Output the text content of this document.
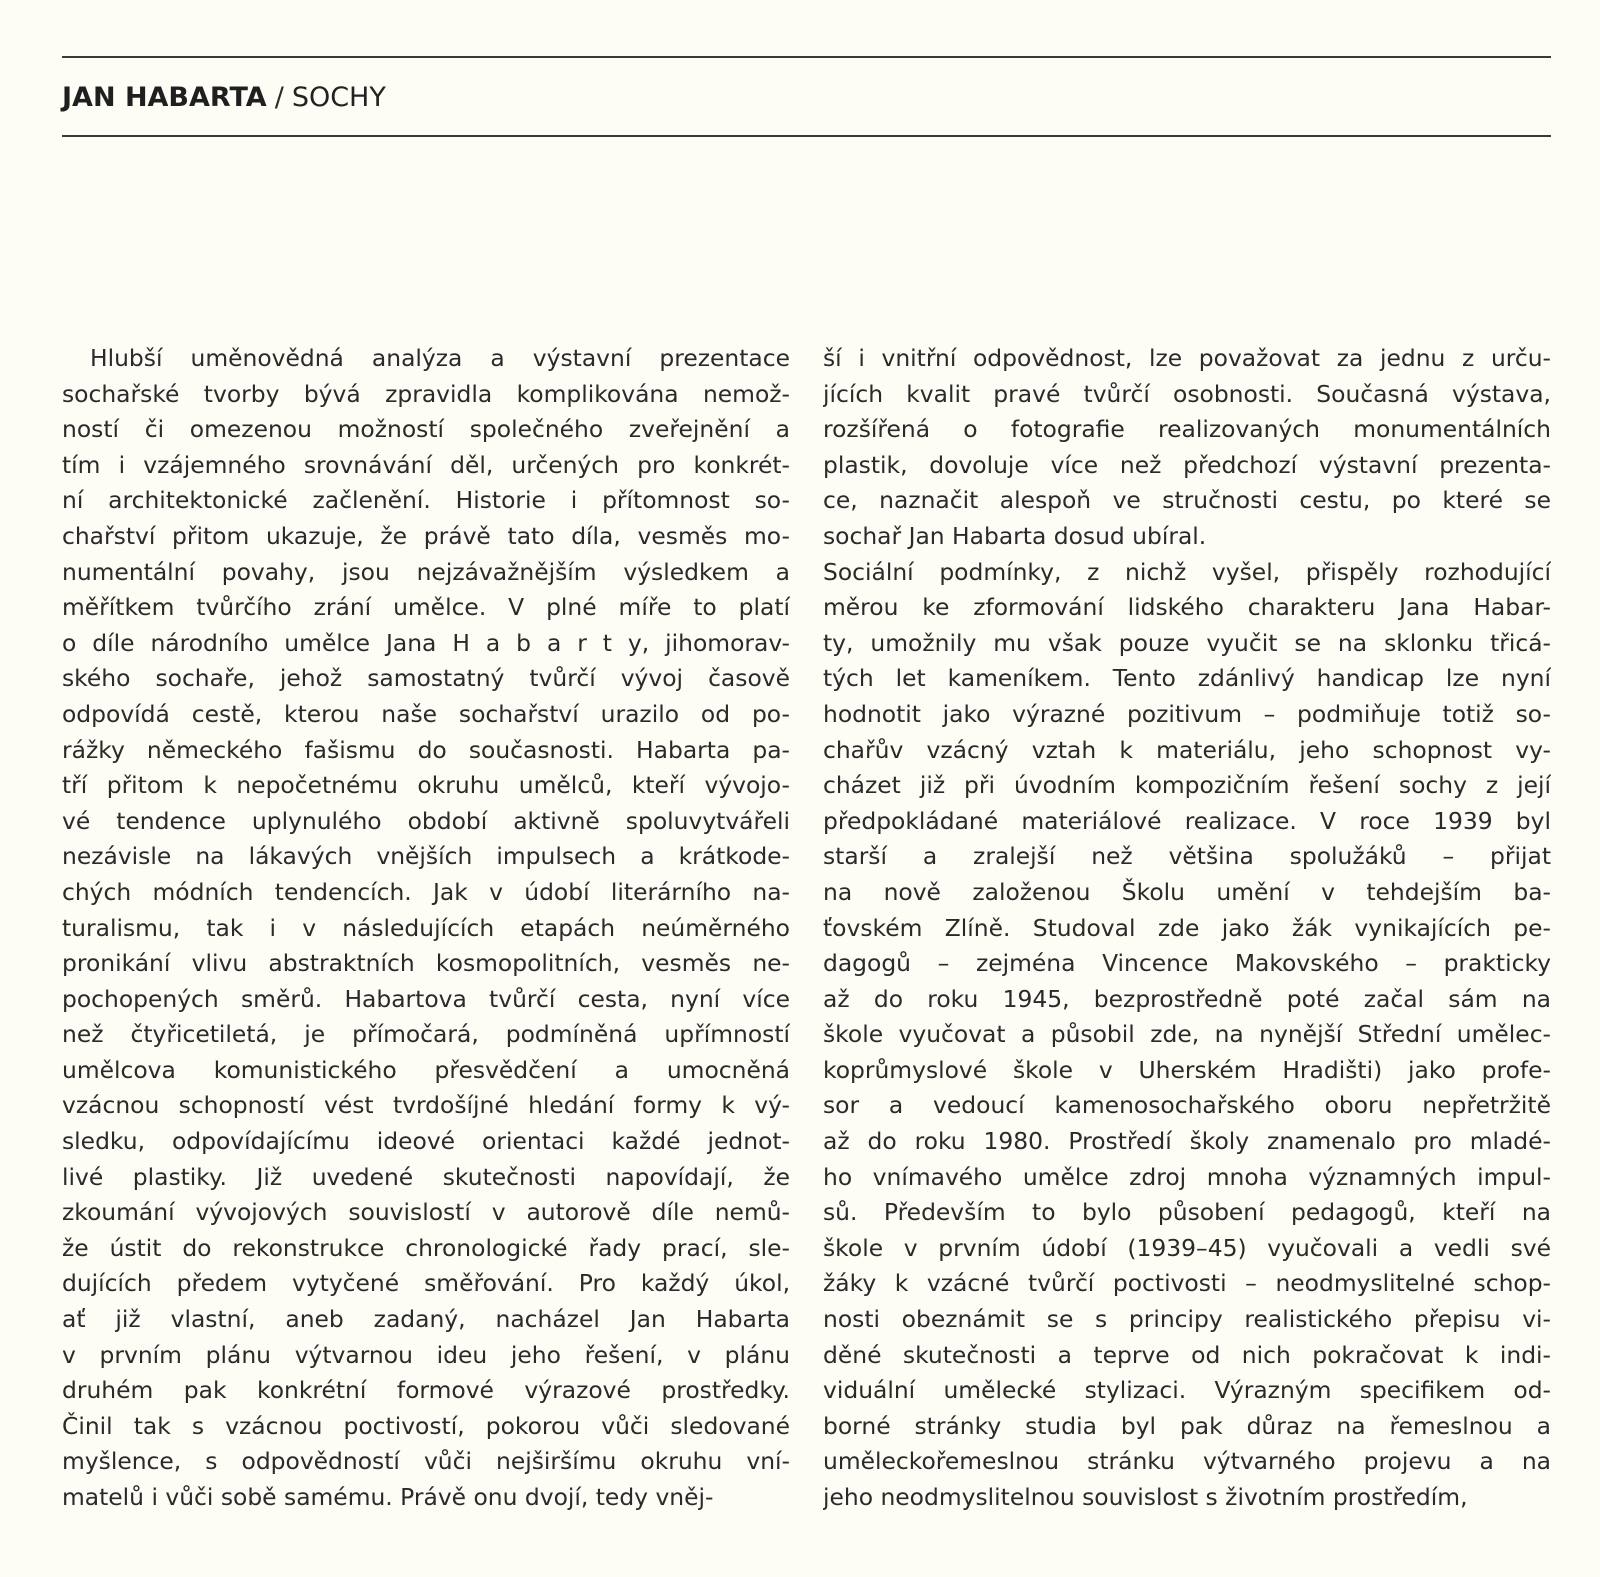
JAN HABARTA / SOCHY
Hlubší uměnovědná analýza a výstavní prezentace
sochařské tvorby bývá zpravidla komplikována nemož-
ností či omezenou možností společného zveřejnění a
tím i vzájemného srovnávání děl, určených pro konkrét-
ní architektonické začlenění. Historie i přítomnost so-
chařství přitom ukazuje, že právě tato díla, vesměs mo-
numentální povahy, jsou nejzávažnějším výsledkem a
měřítkem tvůrčího zrání umělce. V plné míře to platí
o díle národního umělce Jana H a b a r t y, jihomorav-
ského sochaře, jehož samostatný tvůrčí vývoj časově
odpovídá cestě, kterou naše sochařství urazilo od po-
rážky německého fašismu do současnosti. Habarta pa-
tří přitom k nepočetnému okruhu umělců, kteří vývojo-
vé tendence uplynulého období aktivně spoluvytvářeli
nezávisle na lákavých vnějších impulsech a krátkode-
chých módních tendencích. Jak v údobí literárního na-
turalismu, tak i v následujících etapách neúměrného
pronikání vlivu abstraktních kosmopolitních, vesměs ne-
pochopených směrů. Habartova tvůrčí cesta, nyní více
než čtyřicetiletá, je přímočará, podmíněná upřímností
umělcova komunistického přesvědčení a umocněná
vzácnou schopností vést tvrdošíjné hledání formy k vý-
sledku, odpovídajícímu ideové orientaci každé jednot-
livé plastiky. Již uvedené skutečnosti napovídají, že
zkoumání vývojových souvislostí v autorově díle nemů-
že ústit do rekonstrukce chronologické řady prací, sle-
dujících předem vytyčené směřování. Pro každý úkol,
ať již vlastní, aneb zadaný, nacházel Jan Habarta
v prvním plánu výtvarnou ideu jeho řešení, v plánu
druhém pak konkrétní formové výrazové prostředky.
Činil tak s vzácnou poctivostí, pokorou vůči sledované
myšlence, s odpovědností vůči nejširšímu okruhu vní-
matelů i vůči sobě samému. Právě onu dvojí, tedy vněj-
ší i vnitřní odpovědnost, lze považovat za jednu z urču-
jících kvalit pravé tvůrčí osobnosti. Současná výstava,
rozšířená o fotografie realizovaných monumentálních
plastik, dovoluje více než předchozí výstavní prezenta-
ce, naznačit alespoň ve stručnosti cestu, po které se
sochař Jan Habarta dosud ubíral.
Sociální podmínky, z nichž vyšel, přispěly rozhodující
měrou ke zformování lidského charakteru Jana Habar-
ty, umožnily mu však pouze vyučit se na sklonku třicá-
tých let kameníkem. Tento zdánlivý handicap lze nyní
hodnotit jako výrazné pozitivum – podmiňuje totiž so-
chařův vzácný vztah k materiálu, jeho schopnost vy-
cházet již při úvodním kompozičním řešení sochy z její
předpokládané materiálové realizace. V roce 1939 byl
starší a zralejší než většina spolužáků – přijat
na nově založenou Školu umění v tehdejším ba-
ťovském Zlíně. Studoval zde jako žák vynikajících pe-
dagogů – zejména Vincence Makovského – prakticky
až do roku 1945, bezprostředně poté začal sám na
škole vyučovat a působil zde, na nynější Střední umělec-
koprůmyslové škole v Uherském Hradišti) jako profe-
sor a vedoucí kamenosochařského oboru nepřetržitě
až do roku 1980. Prostředí školy znamenalo pro mladé-
ho vnímavého umělce zdroj mnoha významných impul-
sů. Především to bylo působení pedagogů, kteří na
škole v prvním údobí (1939–45) vyučovali a vedli své
žáky k vzácné tvůrčí poctivosti – neodmyslitelné schop-
nosti obeznámit se s principy realistického přepisu vi-
děné skutečnosti a teprve od nich pokračovat k indi-
viduální umělecké stylizaci. Výrazným specifikem od-
borné stránky studia byl pak důraz na řemeslnou a
uměleckořemeslnou stránku výtvarného projevu a na
jeho neodmyslitelnou souvislost s životním prostředím,
